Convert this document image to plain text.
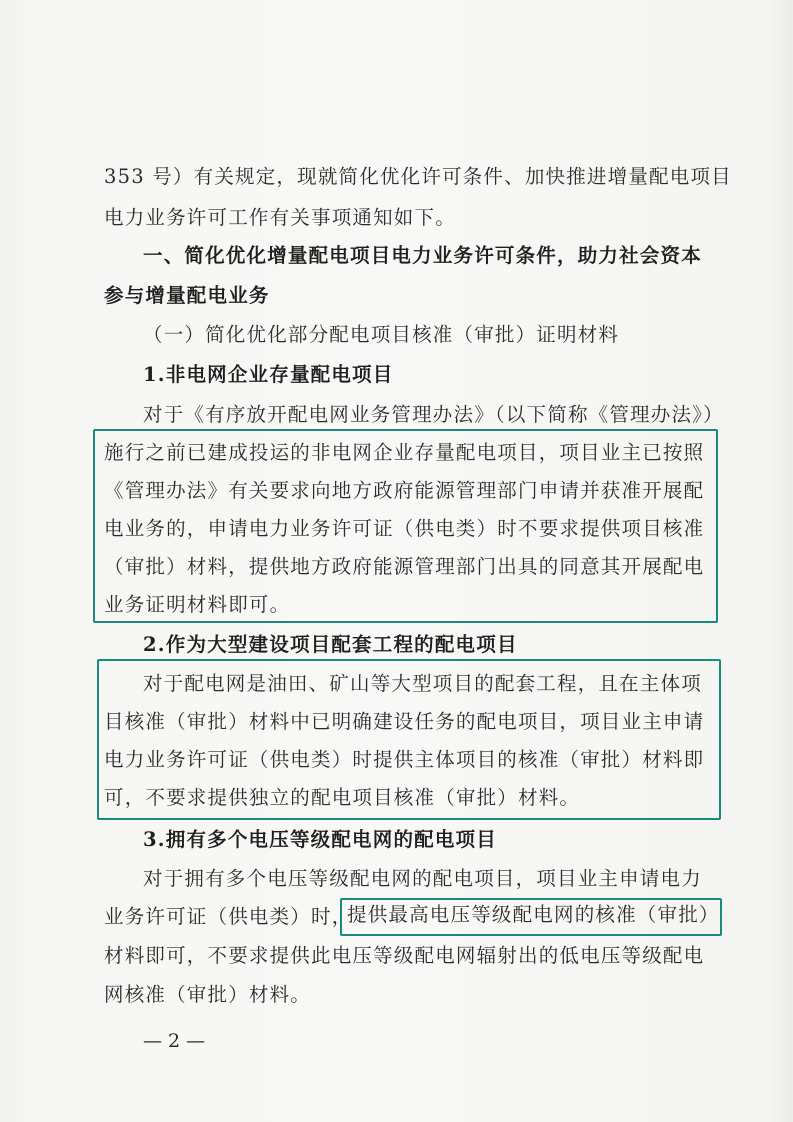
353 号）有关规定，现就简化优化许可条件、加快推进增量配电项目
电力业务许可工作有关事项通知如下。
一、简化优化增量配电项目电力业务许可条件，助力社会资本
参与增量配电业务
（一）简化优化部分配电项目核准（审批）证明材料
1.非电网企业存量配电项目
对于《有序放开配电网业务管理办法》（以下简称《管理办法》）
施行之前已建成投运的非电网企业存量配电项目，项目业主已按照
《管理办法》有关要求向地方政府能源管理部门申请并获准开展配
电业务的，申请电力业务许可证（供电类）时不要求提供项目核准
（审批）材料，提供地方政府能源管理部门出具的同意其开展配电
业务证明材料即可。
2.作为大型建设项目配套工程的配电项目
对于配电网是油田、矿山等大型项目的配套工程，且在主体项
目核准（审批）材料中已明确建设任务的配电项目，项目业主申请
电力业务许可证（供电类）时提供主体项目的核准（审批）材料即
可，不要求提供独立的配电项目核准（审批）材料。
3.拥有多个电压等级配电网的配电项目
对于拥有多个电压等级配电网的配电项目，项目业主申请电力
业务许可证（供电类）时，
提供最高电压等级配电网的核准（审批）
材料即可，不要求提供此电压等级配电网辐射出的低电压等级配电
网核准（审批）材料。
— 2 —
